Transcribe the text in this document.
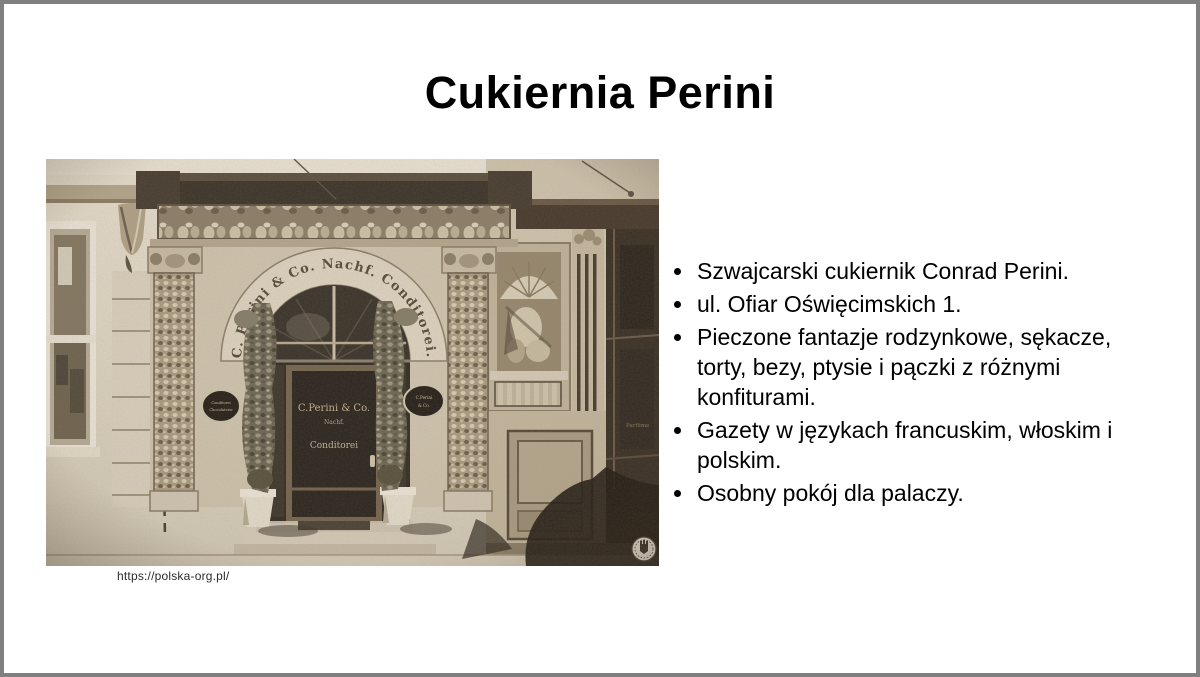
Cukiernia Perini
https://polska-org.pl/
• Szwajcarski cukiernik Conrad Perini.
• ul. Ofiar Oświęcimskich 1.
• Pieczone fantazje rodzynkowe, sękacze, torty, bezy, ptysie i pączki z różnymi konfiturami.
• Gazety w językach francuskim, włoskim i polskim.
• Osobny pokój dla palaczy.
